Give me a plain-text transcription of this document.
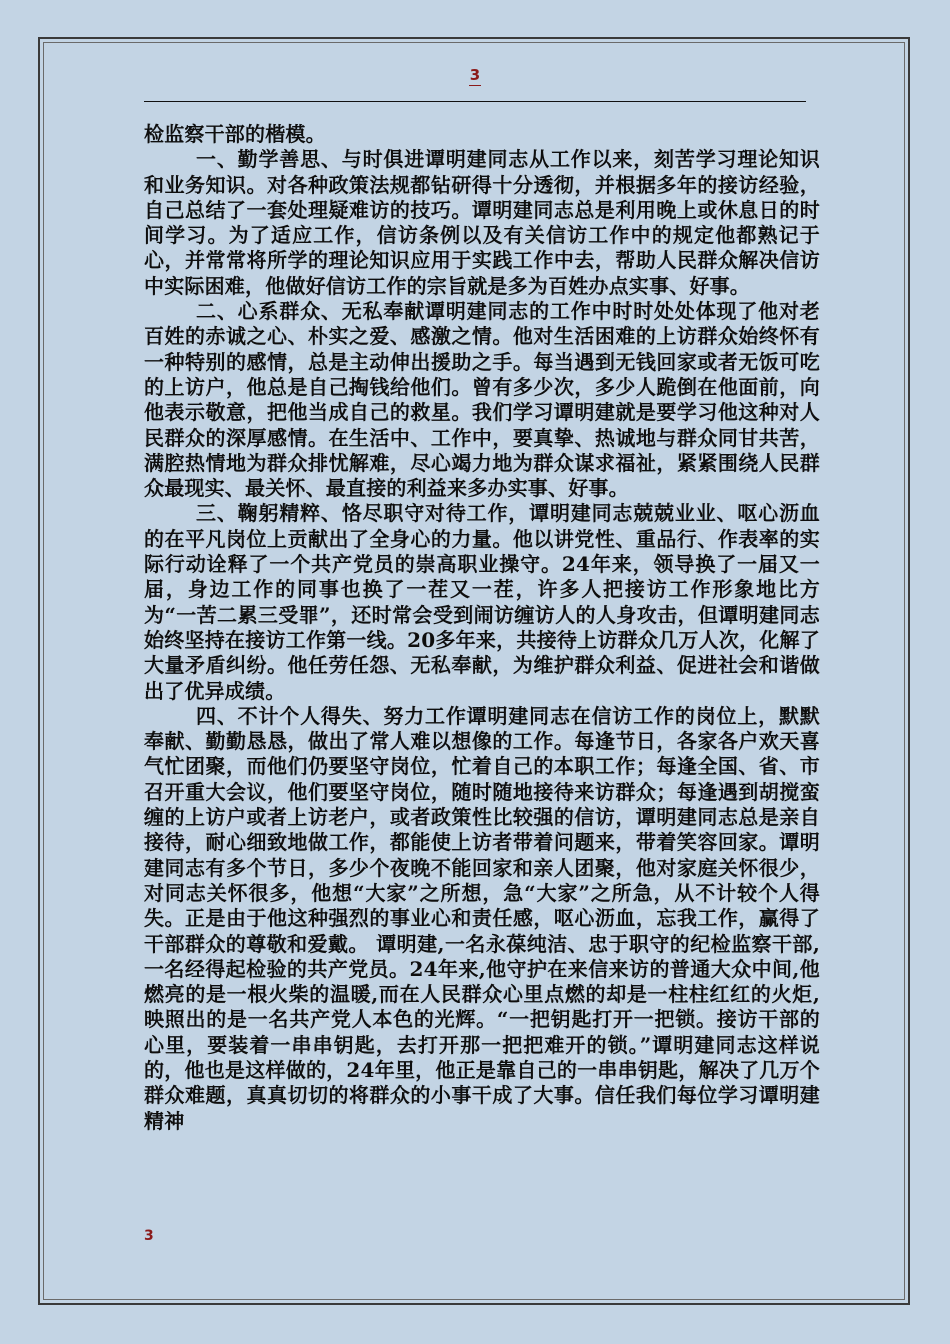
3

检监察干部的楷模。

一、勤学善思、与时俱进谭明建同志从工作以来，刻苦学习理论知识和业务知识。对各种政策法规都钻研得十分透彻，并根据多年的接访经验，自己总结了一套处理疑难访的技巧。谭明建同志总是利用晚上或休息日的时间学习。为了适应工作，信访条例以及有关信访工作中的规定他都熟记于心，并常常将所学的理论知识应用于实践工作中去，帮助人民群众解决信访中实际困难，他做好信访工作的宗旨就是多为百姓办点实事、好事。

二、心系群众、无私奉献谭明建同志的工作中时时处处体现了他对老百姓的赤诚之心、朴实之爱、感激之情。他对生活困难的上访群众始终怀有一种特别的感情，总是主动伸出援助之手。每当遇到无钱回家或者无饭可吃的上访户，他总是自己掏钱给他们。曾有多少次，多少人跪倒在他面前，向他表示敬意，把他当成自己的救星。我们学习谭明建就是要学习他这种对人民群众的深厚感情。在生活中、工作中，要真挚、热诚地与群众同甘共苦，满腔热情地为群众排忧解难，尽心竭力地为群众谋求福祉，紧紧围绕人民群众最现实、最关怀、最直接的利益来多办实事、好事。

三、鞠躬精粹、恪尽职守对待工作，谭明建同志兢兢业业、呕心沥血的在平凡岗位上贡献出了全身心的力量。他以讲党性、重品行、作表率的实际行动诠释了一个共产党员的崇高职业操守。24年来，领导换了一届又一届，身边工作的同事也换了一茬又一茬，许多人把接访工作形象地比方为“一苦二累三受罪”，还时常会受到闹访缠访人的人身攻击，但谭明建同志始终坚持在接访工作第一线。20多年来，共接待上访群众几万人次，化解了大量矛盾纠纷。他任劳任怨、无私奉献，为维护群众利益、促进社会和谐做出了优异成绩。

四、不计个人得失、努力工作谭明建同志在信访工作的岗位上，默默奉献、勤勤恳恳，做出了常人难以想像的工作。每逢节日，各家各户欢天喜气忙团聚，而他们仍要坚守岗位，忙着自己的本职工作；每逢全国、省、市召开重大会议，他们要坚守岗位，随时随地接待来访群众；每逢遇到胡搅蛮缠的上访户或者上访老户，或者政策性比较强的信访，谭明建同志总是亲自接待，耐心细致地做工作，都能使上访者带着问题来，带着笑容回家。谭明建同志有多个节日，多少个夜晚不能回家和亲人团聚，他对家庭关怀很少，对同志关怀很多，他想“大家”之所想，急“大家”之所急，从不计较个人得失。正是由于他这种强烈的事业心和责任感，呕心沥血，忘我工作，赢得了干部群众的尊敬和爱戴。 谭明建,一名永葆纯洁、忠于职守的纪检监察干部,一名经得起检验的共产党员。24年来,他守护在来信来访的普通大众中间,他燃亮的是一根火柴的温暖,而在人民群众心里点燃的却是一柱柱红红的火炬,映照出的是一名共产党人本色的光辉。“一把钥匙打开一把锁。接访干部的心里，要装着一串串钥匙，去打开那一把把难开的锁。”谭明建同志这样说的，他也是这样做的，24年里，他正是靠自己的一串串钥匙，解决了几万个群众难题，真真切切的将群众的小事干成了大事。信任我们每位学习谭明建精神

3
